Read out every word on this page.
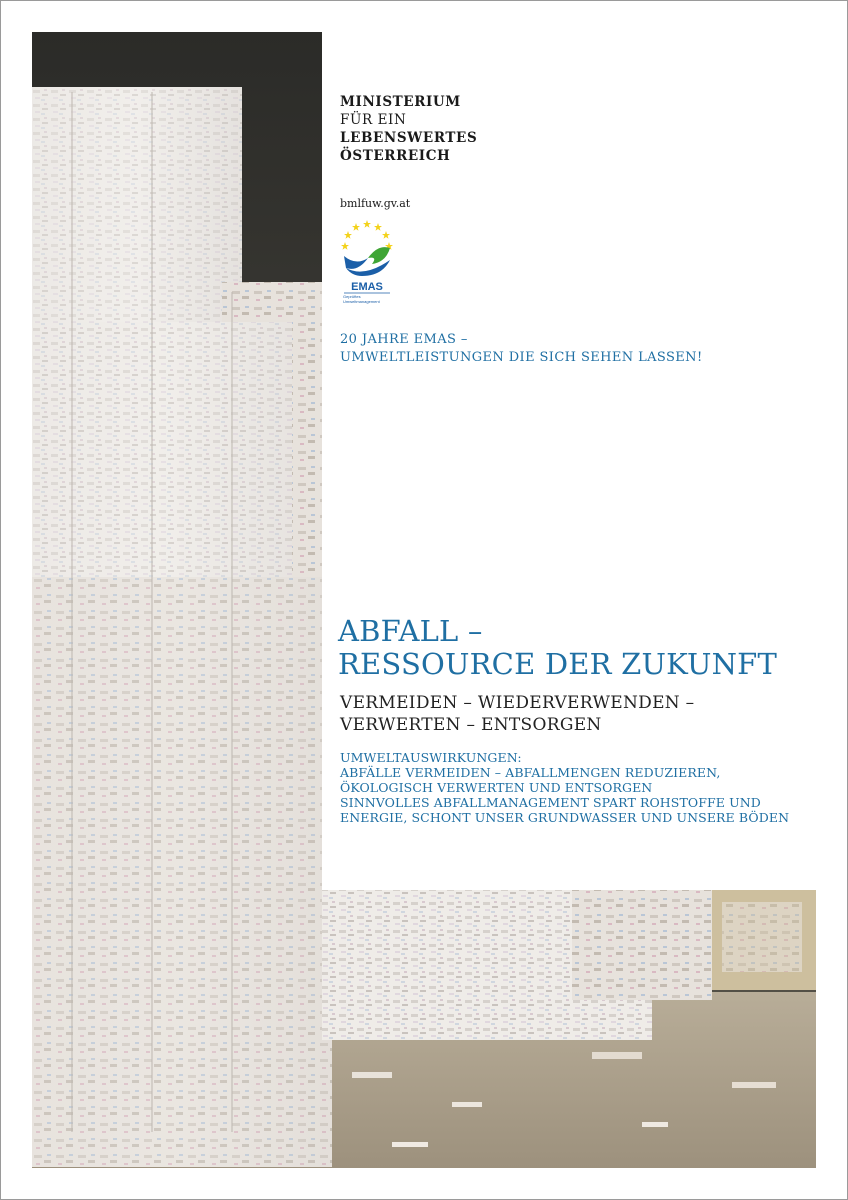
MINISTERIUM
FÜR EIN
LEBENSWERTES
ÖSTERREICH
bmlfuw.gv.at
EMAS
Geprüftes
Umweltmanagement
20 JAHRE EMAS –
UMWELTLEISTUNGEN DIE SICH SEHEN LASSEN!
ABFALL –
RESSOURCE DER ZUKUNFT
VERMEIDEN – WIEDERVERWENDEN –
VERWERTEN – ENTSORGEN
UMWELTAUSWIRKUNGEN:
ABFÄLLE VERMEIDEN – ABFALLMENGEN REDUZIEREN,
ÖKOLOGISCH VERWERTEN UND ENTSORGEN
SINNVOLLES ABFALLMANAGEMENT SPART ROHSTOFFE UND
ENERGIE, SCHONT UNSER GRUNDWASSER UND UNSERE BÖDEN
